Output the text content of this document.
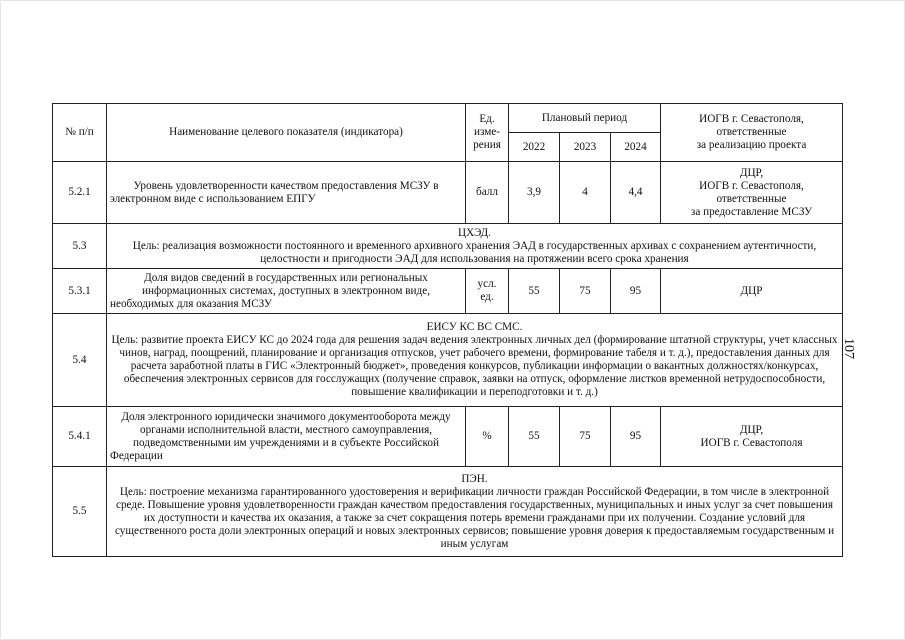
№ п/п	Наименование целевого показателя (индикатора)	Ед.
изме-
рения	Плановый период			ИОГВ г. Севастополя,
ответственные
за реализацию проекта

			2022	2023	2024	
5.2.1	Уровень удовлетворенности качеством предоставления МСЗУ в электронном виде с использованием ЕПГУ	балл	3,9	4	4,4	ДЦР,
ИОГВ г. Севастополя,
ответственные
за предоставление МСЗУ

5.3	ЦХЭД.
Цель: реализация возможности постоянного и временного архивного хранения ЭАД в государственных архивах с сохранением аутентичности, целостности и пригодности ЭАД для использования на протяжении всего срока хранения					

5.3.1	Доля видов сведений в государственных или региональных информационных системах, доступных в электронном виде, необходимых для оказания МСЗУ	усл.
ед.	55	75	95	ДЦР

5.4	ЕИСУ КС ВС СМС.
Цель: развитие проекта ЕИСУ КС до 2024 года для решения задач ведения электронных личных дел (формирование штатной структуры, учет классных чинов, наград, поощрений, планирование и организация отпусков, учет рабочего времени, формирование табеля и т. д.), предоставления данных для расчета заработной платы в ГИС «Электронный бюджет», проведения конкурсов, публикации информации о вакантных должностях/конкурсах, обеспечения электронных сервисов для госслужащих (получение справок, заявки на отпуск, оформление листков временной нетрудоспособности, повышение квалификации и переподготовки и т. д.)					

5.4.1	Доля электронного юридически значимого документооборота между органами исполнительной власти, местного самоуправления, подведомственными им учреждениями и в субъекте Российской Федерации	%	55	75	95	ДЦР,
ИОГВ г. Севастополя

5.5	ПЭН.
Цель: построение механизма гарантированного удостоверения и верификации личности граждан Российской Федерации, в том числе в электронной среде. Повышение уровня удовлетворенности граждан качеством предоставления государственных, муниципальных и иных услуг за счет повышения их доступности и качества их оказания, а также за счет сокращения потерь времени гражданами при их получении. Создание условий для существенного роста доли электронных операций и новых электронных сервисов; повышение уровня доверия к предоставляемым государственным и иным услугам					
107
